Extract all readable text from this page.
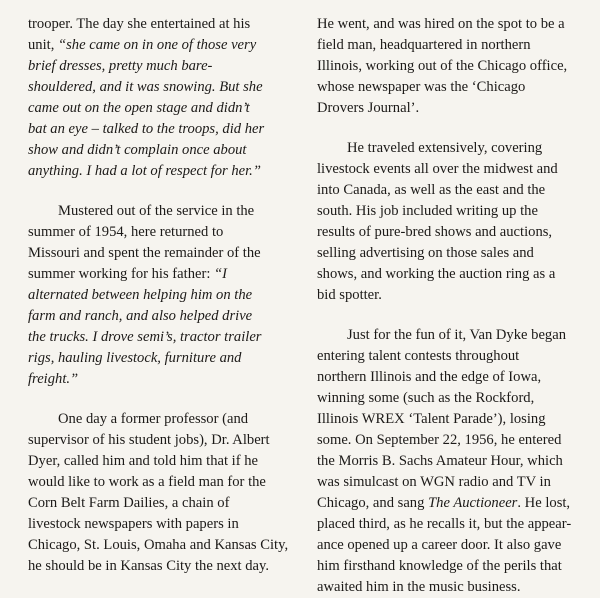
trooper. The day she entertained at his
unit, “she came on in one of those very
brief dresses, pretty much bare-
shouldered, and it was snowing. But she
came out on the open stage and didn’t
bat an eye – talked to the troops, did her
show and didn’t complain once about
anything. I had a lot of respect for her.”

Mustered out of the service in the
summer of 1954, here returned to
Missouri and spent the remainder of the
summer working for his father: “I
alternated between helping him on the
farm and ranch, and also helped drive
the trucks. I drove semi’s, tractor trailer
rigs, hauling livestock, furniture and
freight.”

One day a former professor (and
supervisor of his student jobs), Dr. Albert
Dyer, called him and told him that if he
would like to work as a field man for the
Corn Belt Farm Dailies, a chain of
livestock newspapers with papers in
Chicago, St. Louis, Omaha and Kansas City,
he should be in Kansas City the next day.

He went, and was hired on the spot to be a
field man, headquartered in northern
Illinois, working out of the Chicago office,
whose newspaper was the ‘Chicago
Drovers Journal’.

He traveled extensively, covering
livestock events all over the midwest and
into Canada, as well as the east and the
south. His job included writing up the
results of pure-bred shows and auctions,
selling advertising on those sales and
shows, and working the auction ring as a
bid spotter.

Just for the fun of it, Van Dyke began
entering talent contests throughout
northern Illinois and the edge of Iowa,
winning some (such as the Rockford,
Illinois WREX ‘Talent Parade’), losing
some. On September 22, 1956, he entered
the Morris B. Sachs Amateur Hour, which
was simulcast on WGN radio and TV in
Chicago, and sang The Auctioneer. He lost,
placed third, as he recalls it, but the appear-
ance opened up a career door. It also gave
him firsthand knowledge of the perils that
awaited him in the music business.
